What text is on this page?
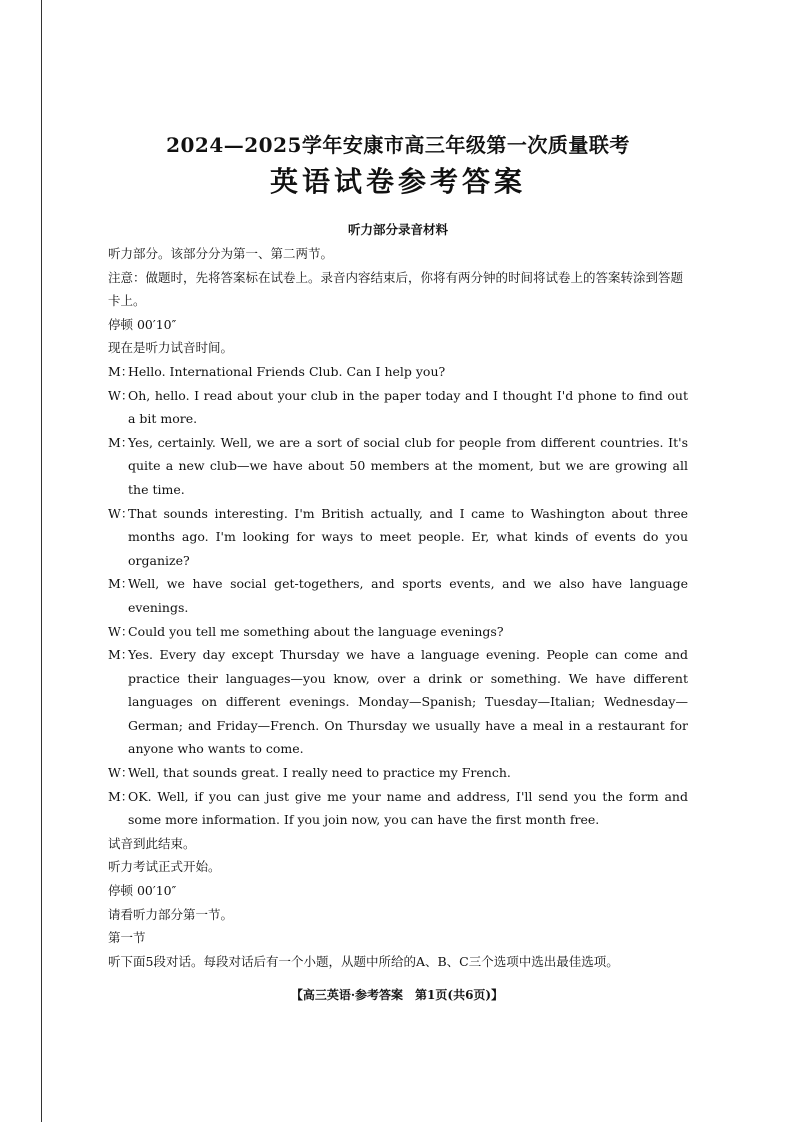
2024—2025学年安康市高三年级第一次质量联考
英语试卷参考答案
听力部分录音材料

听力部分。该部分分为第一、第二两节。

注意：做题时，先将答案标在试卷上。录音内容结束后，你将有两分钟的时间将试卷上的答案转涂到答题卡上。

停顿 00′10″

现在是听力试音时间。

M：
Hello. International Friends Club. Can I help you?
W：
Oh, hello. I read about your club in the paper today and I thought I'd phone to find out a bit more.
M：
Yes, certainly. Well, we are a sort of social club for people from different countries. It's quite a new club—we have about 50 members at the moment, but we are growing all the time.
W：
That sounds interesting. I'm British actually, and I came to Washington about three months ago. I'm looking for ways to meet people. Er, what kinds of events do you organize?
M：
Well, we have social get-togethers, and sports events, and we also have language evenings.
W：
Could you tell me something about the language evenings?
M：
Yes. Every day except Thursday we have a language evening. People can come and practice their languages—you know, over a drink or something. We have different languages on different evenings. Monday—Spanish; Tuesday—Italian; Wednesday—German; and Friday—French. On Thursday we usually have a meal in a restaurant for anyone who wants to come.
W：
Well, that sounds great. I really need to practice my French.
M：
OK. Well, if you can just give me your name and address, I'll send you the form and some more information. If you join now, you can have the first month free.

试音到此结束。

听力考试正式开始。

停顿 00′10″

请看听力部分第一节。

第一节

听下面5段对话。每段对话后有一个小题，从题中所给的A、B、C三个选项中选出最佳选项。

【高三英语·参考答案　第1页(共6页)】
